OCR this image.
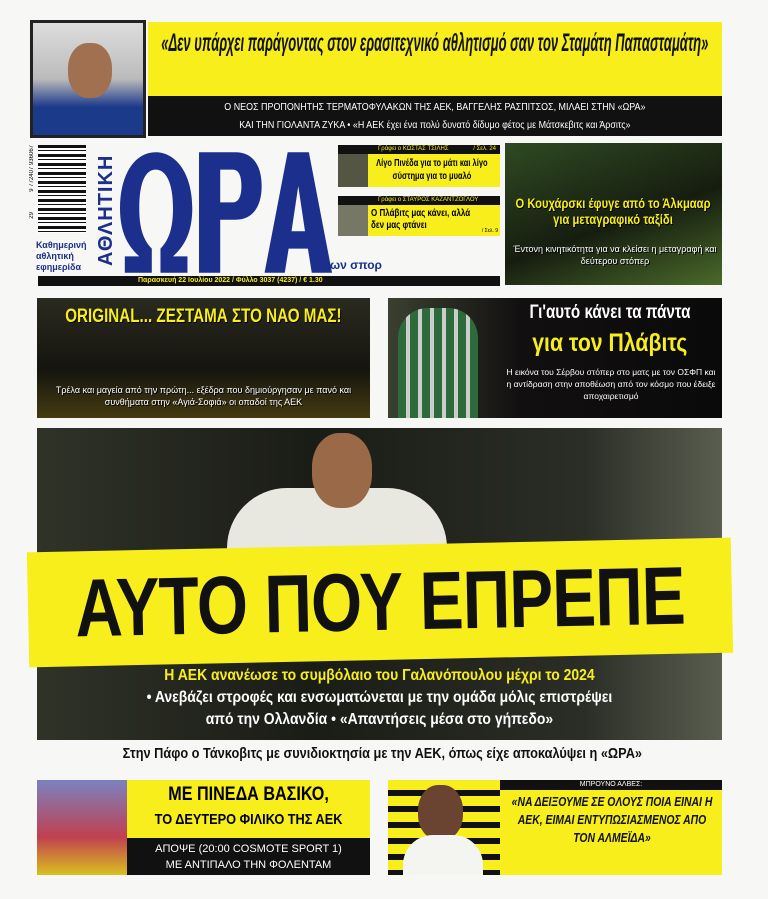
«Δεν υπάρχει παράγοντας στον ερασιτεχνικό αθλητισμό σαν τον Σταμάτη Παπασταμάτη»
Ο ΝΕΟΣ ΠΡΟΠΟΝΗΤΗΣ ΤΕΡΜΑΤΟΦΥΛΑΚΩΝ ΤΗΣ ΑΕΚ, ΒΑΓΓΕΛΗΣ ΡΑΣΠΙΤΣΟΣ, ΜΙΛΑΕΙ ΣΤΗΝ «ΩΡΑ»
ΚΑΙ ΤΗΝ ΓΙΟΛΑΝΤΑ ΖΥΚΑ • «Η ΑΕΚ έχει ένα πολύ δυνατό δίδυμο φέτος με Μάτσκεβιτς και Άρσιτς»
9 772407 936067
29
Καθημερινή
αθλητική
εφημερίδα
ΑΘΛΗΤΙΚΗ	των σπορ
Παρασκευή 22 Ιουλίου 2022 / Φύλλο 3037 (4237) / € 1.30
Γράφει ο ΚΩΣΤΑΣ ΤΣΙΛΗΣ	/ Σελ. 24
Λίγο Πινέδα για το μάτι και λίγο σύστημα για το μυαλό
Γράφει ο ΣΤΑΥΡΟΣ ΚΑΖΑΝΤΖΟΓΛΟΥ
Ο Πλάβιτς μας κάνει, αλλά δεν μας φτάνει	/ Σελ. 9
Ο Κουχάρσκι έφυγε από το Άλκμααρ για μεταγραφικό ταξίδι
Έντονη κινητικότητα για να κλείσει η μεταγραφή και δεύτερου στόπερ
ORIGINAL... ΖΕΣΤΑΜΑ ΣΤΟ ΝΑΟ ΜΑΣ!
Τρέλα και μαγεία από την πρώτη... εξέδρα που δημιούργησαν με πανό και συνθήματα στην «Αγιά-Σοφιά» οι οπαδοί της ΑΕΚ
Γι'αυτό κάνει τα πάντα
για τον Πλάβιτς
Η εικόνα του Σέρβου στόπερ στο ματς με τον ΟΣΦΠ και η αντίδραση στην αποθέωση από τον κόσμο που έδειξε αποχαιρετισμό
ΑΥΤΟ ΠΟΥ ΕΠΡΕΠΕ
Η ΑΕΚ ανανέωσε το συμβόλαιο του Γαλανόπουλου μέχρι το 2024
• Ανεβάζει στροφές και ενσωματώνεται με την ομάδα μόλις επιστρέψει
από την Ολλανδία • «Απαντήσεις μέσα στο γήπεδο»
Στην Πάφο ο Τάνκοβιτς με συνιδιοκτησία με την ΑΕΚ, όπως είχε αποκαλύψει η «ΩΡΑ»
ΜΕ ΠΙΝΕΔΑ ΒΑΣΙΚΟ,
ΤΟ ΔΕΥΤΕΡΟ ΦΙΛΙΚΟ ΤΗΣ ΑΕΚ
ΑΠΟΨΕ (20:00 COSMOTE SPORT 1)
ΜΕ ΑΝΤΙΠΑΛΟ ΤΗΝ ΦΟΛΕΝΤΑΜ
ΜΠΡΟΥΝΟ ΑΛΒΕΣ:
«ΝΑ ΔΕΙΞΟΥΜΕ ΣΕ ΟΛΟΥΣ ΠΟΙΑ ΕΙΝΑΙ Η ΑΕΚ, ΕΙΜΑΙ ΕΝΤΥΠΩΣΙΑΣΜΕΝΟΣ ΑΠΟ ΤΟΝ ΑΛΜΕΪΔΑ»
